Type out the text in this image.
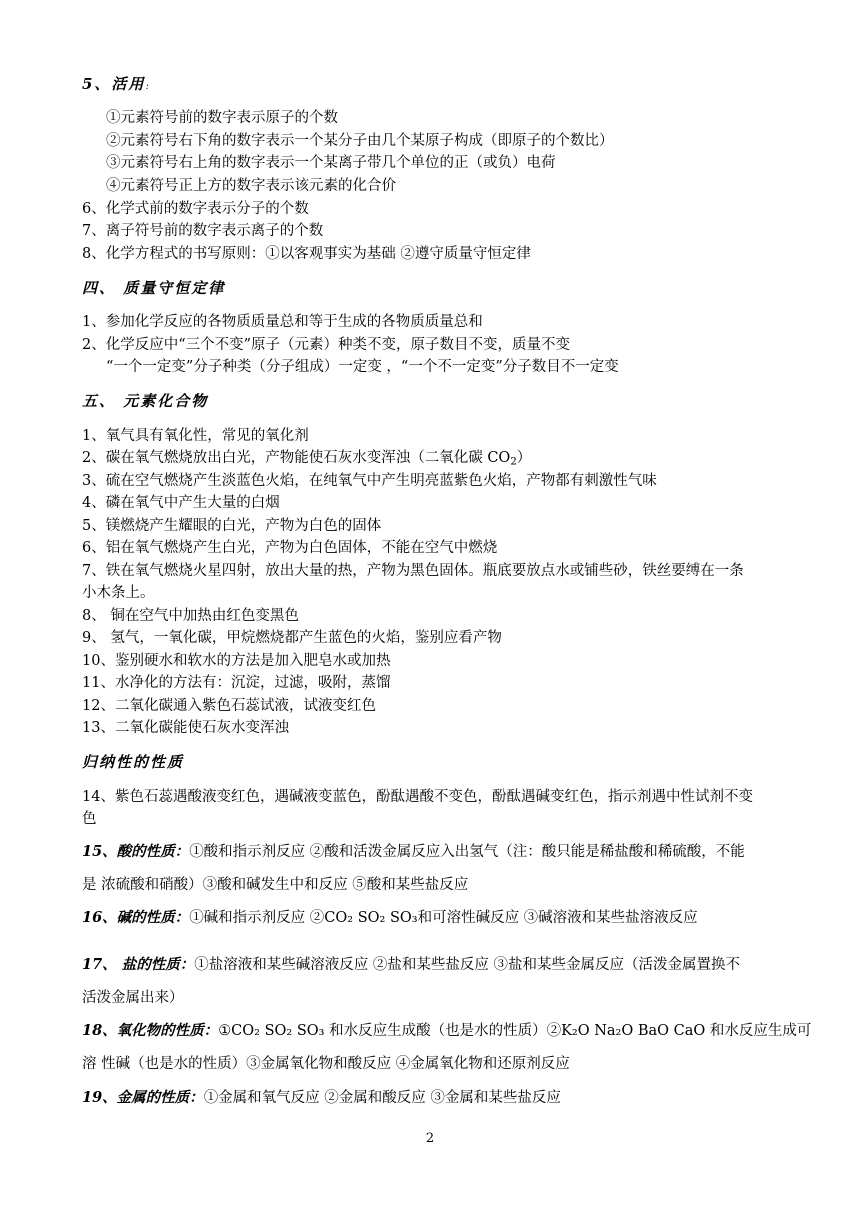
5、活用:
①元素符号前的数字表示原子的个数
②元素符号右下角的数字表示一个某分子由几个某原子构成（即原子的个数比）
③元素符号右上角的数字表示一个某离子带几个单位的正（或负）电荷
④元素符号正上方的数字表示该元素的化合价
6、化学式前的数字表示分子的个数
7、离子符号前的数字表示离子的个数
8、化学方程式的书写原则：①以客观事实为基础 ②遵守质量守恒定律
四、 质量守恒定律
1、参加化学反应的各物质质量总和等于生成的各物质质量总和
2、化学反应中“三个不变”原子（元素）种类不变，原子数目不变，质量不变
“一个一定变”分子种类（分子组成）一定变 ，“一个不一定变”分子数目不一定变
五、 元素化合物
1、氧气具有氧化性，常见的氧化剂
2、碳在氧气燃烧放出白光，产物能使石灰水变浑浊（二氧化碳 $CO_2$）
3、硫在空气燃烧产生淡蓝色火焰，在纯氧气中产生明亮蓝紫色火焰，产物都有刺激性气味
4、磷在氧气中产生大量的白烟
5、镁燃烧产生耀眼的白光，产物为白色的固体
6、铝在氧气燃烧产生白光，产物为白色固体，不能在空气中燃烧
7、铁在氧气燃烧火星四射，放出大量的热，产物为黑色固体。瓶底要放点水或铺些砂，铁丝要缚在一条
小木条上。
8、 铜在空气中加热由红色变黑色
9、 氢气，一氧化碳，甲烷燃烧都产生蓝色的火焰，鉴别应看产物
10、鉴别硬水和软水的方法是加入肥皂水或加热
11、水净化的方法有：沉淀，过滤，吸附，蒸馏
12、二氧化碳通入紫色石蕊试液，试液变红色
13、二氧化碳能使石灰水变浑浊
归纳性的性质
14、紫色石蕊遇酸液变红色，遇碱液变蓝色，酚酞遇酸不变色，酚酞遇碱变红色，指示剂遇中性试剂不变
色
15、酸的性质：①酸和指示剂反应 ②酸和活泼金属反应入出氢气（注：酸只能是稀盐酸和稀硫酸，不能
是 浓硫酸和硝酸）③酸和碱发生中和反应 ⑤酸和某些盐反应
16、碱的性质：①碱和指示剂反应 ②CO₂ SO₂ SO₃和可溶性碱反应 ③碱溶液和某些盐溶液反应
17、 盐的性质：①盐溶液和某些碱溶液反应 ②盐和某些盐反应 ③盐和某些金属反应（活泼金属置换不
活泼金属出来）
18、氧化物的性质：①CO₂ SO₂ SO₃ 和水反应生成酸（也是水的性质）②K₂O Na₂O BaO CaO 和水反应生成可
溶 性碱（也是水的性质）③金属氧化物和酸反应 ④金属氧化物和还原剂反应
19、金属的性质：①金属和氧气反应 ②金属和酸反应 ③金属和某些盐反应
2
